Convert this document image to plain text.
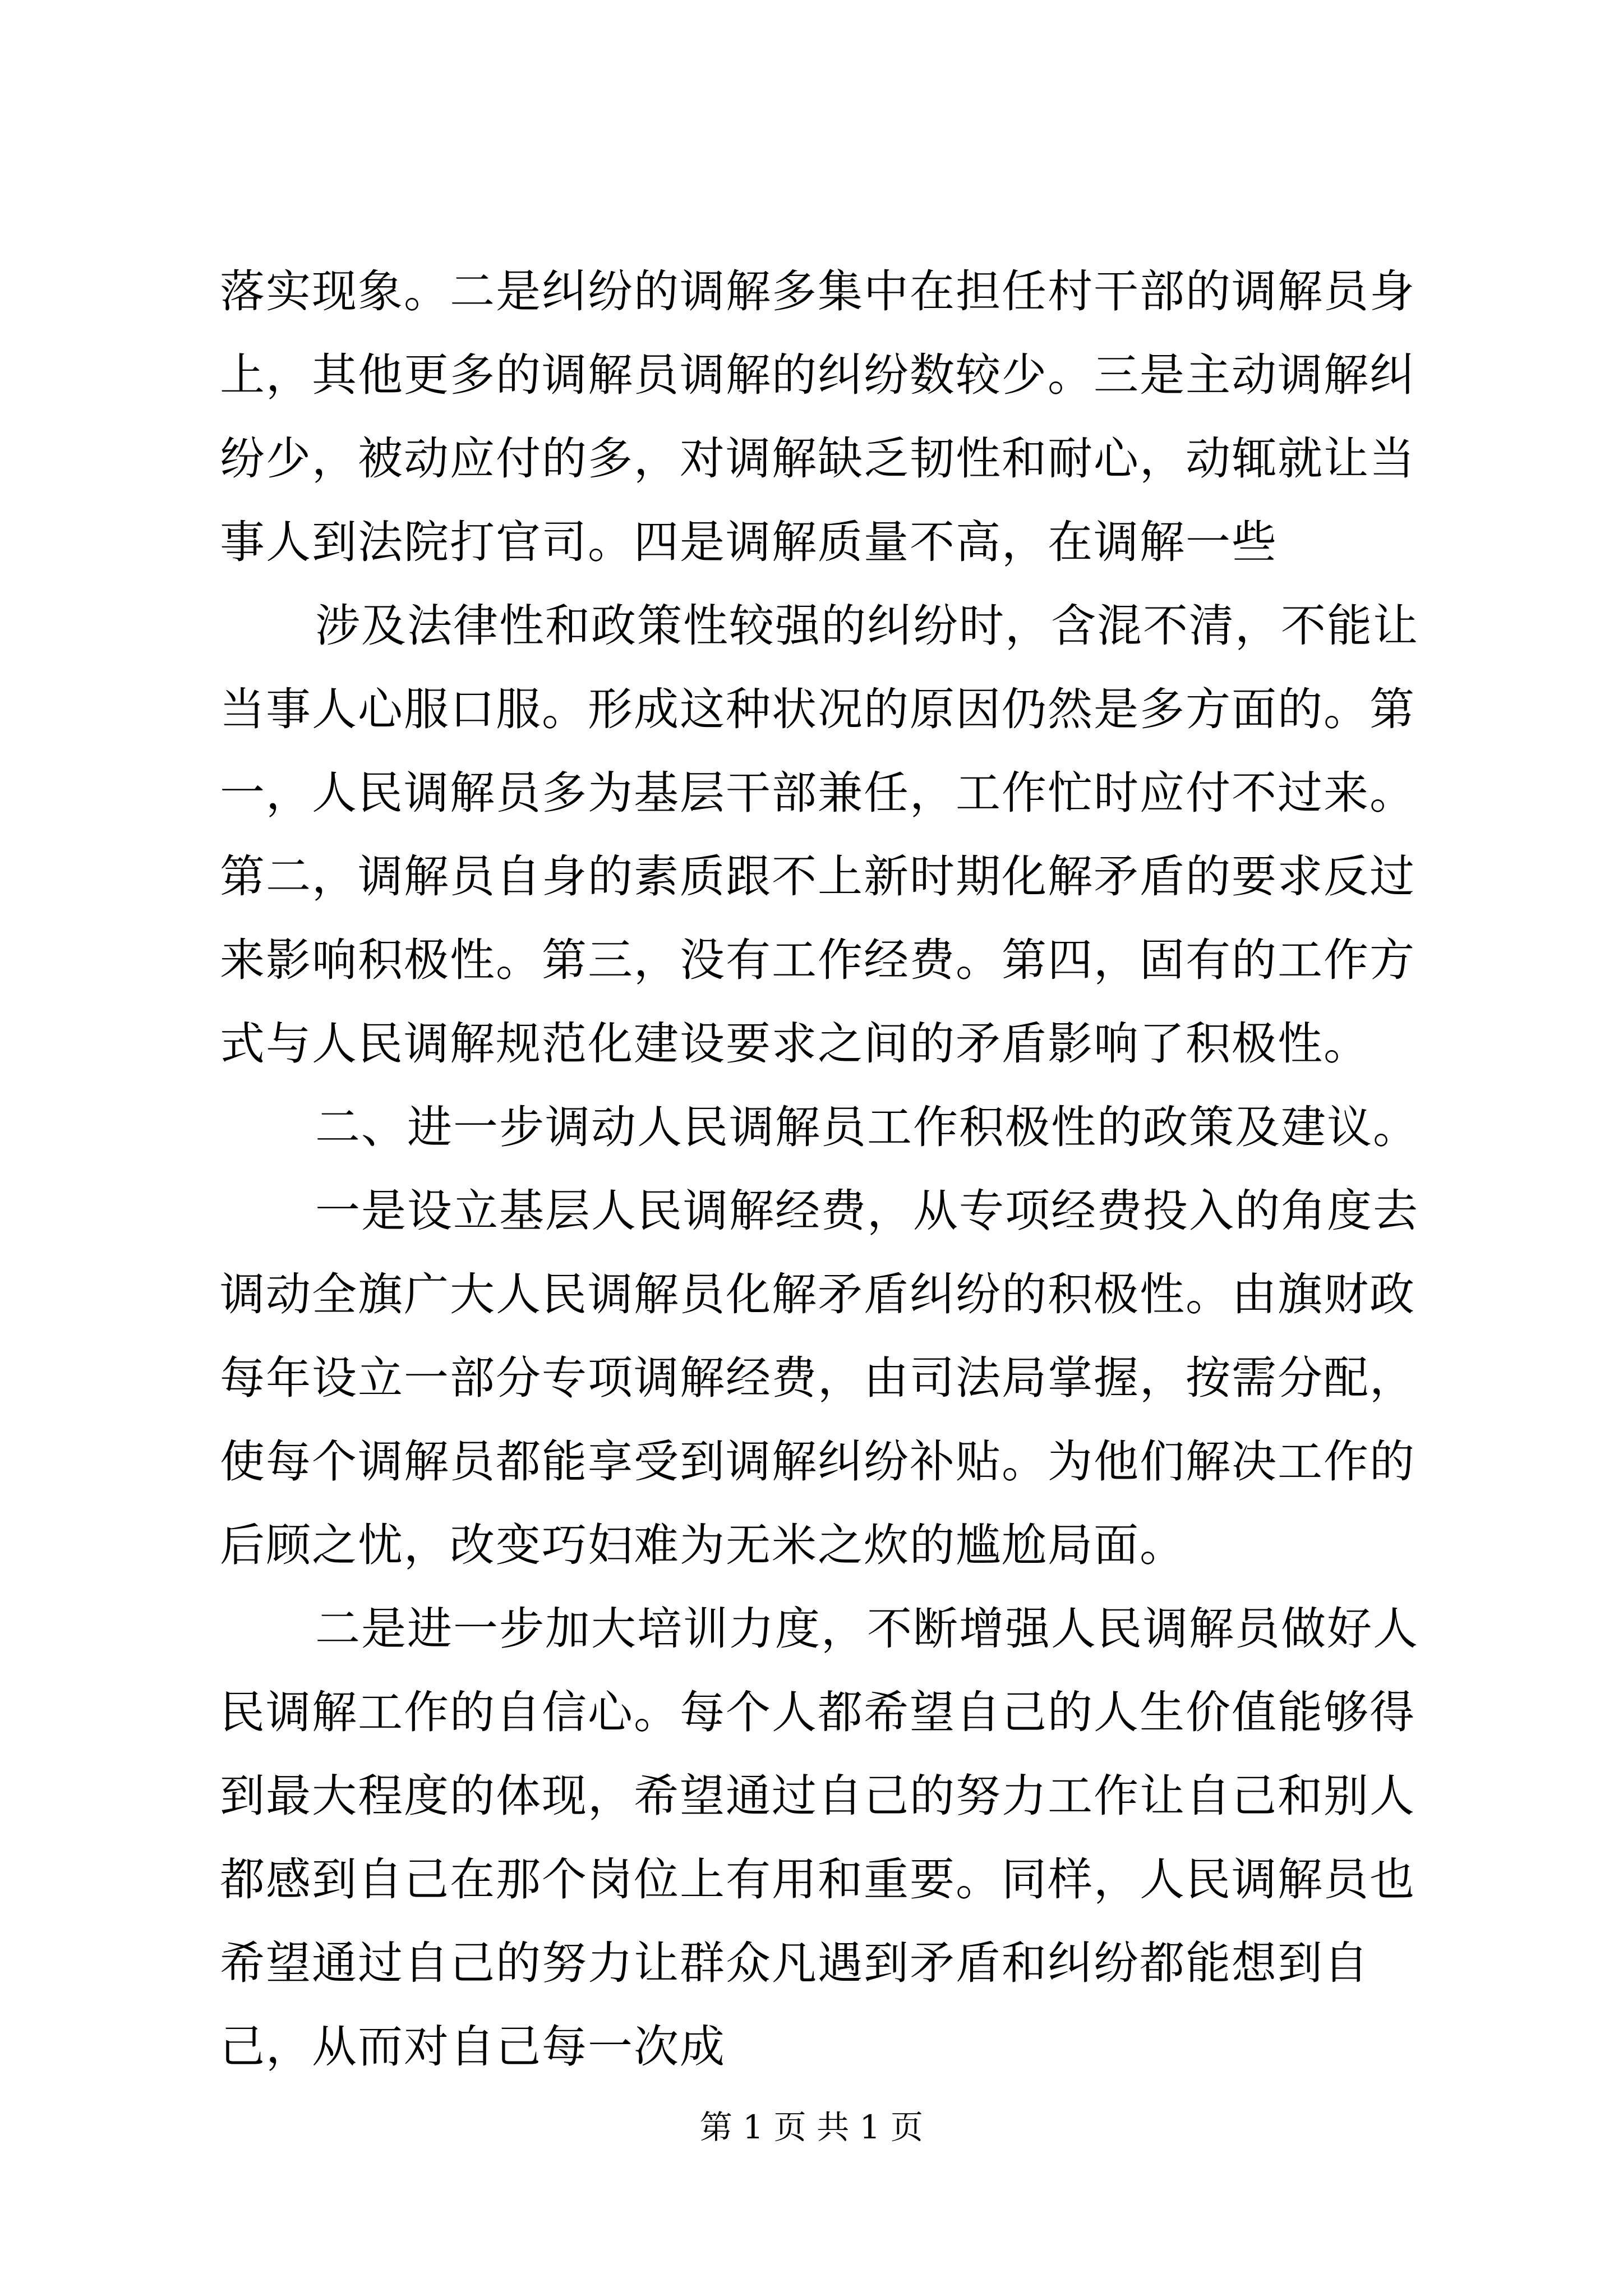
落实现象。二是纠纷的调解多集中在担任村干部的调解员身上，其他更多的调解员调解的纠纷数较少。三是主动调解纠纷少，被动应付的多，对调解缺乏韧性和耐心，动辄就让当事人到法院打官司。四是调解质量不高，在调解一些

涉及法律性和政策性较强的纠纷时，含混不清，不能让当事人心服口服。形成这种状况的原因仍然是多方面的。第一，人民调解员多为基层干部兼任，工作忙时应付不过来。第二，调解员自身的素质跟不上新时期化解矛盾的要求反过来影响积极性。第三，没有工作经费。第四，固有的工作方式与人民调解规范化建设要求之间的矛盾影响了积极性。

二、进一步调动人民调解员工作积极性的政策及建议。

一是设立基层人民调解经费，从专项经费投入的角度去调动全旗广大人民调解员化解矛盾纠纷的积极性。由旗财政每年设立一部分专项调解经费，由司法局掌握，按需分配，使每个调解员都能享受到调解纠纷补贴。为他们解决工作的后顾之忧，改变巧妇难为无米之炊的尴尬局面。

二是进一步加大培训力度，不断增强人民调解员做好人民调解工作的自信心。每个人都希望自己的人生价值能够得到最大程度的体现，希望通过自己的努力工作让自己和别人都感到自己在那个岗位上有用和重要。同样，人民调解员也希望通过自己的努力让群众凡遇到矛盾和纠纷都能想到自己，从而对自己每一次成

第 1 页 共 1 页
